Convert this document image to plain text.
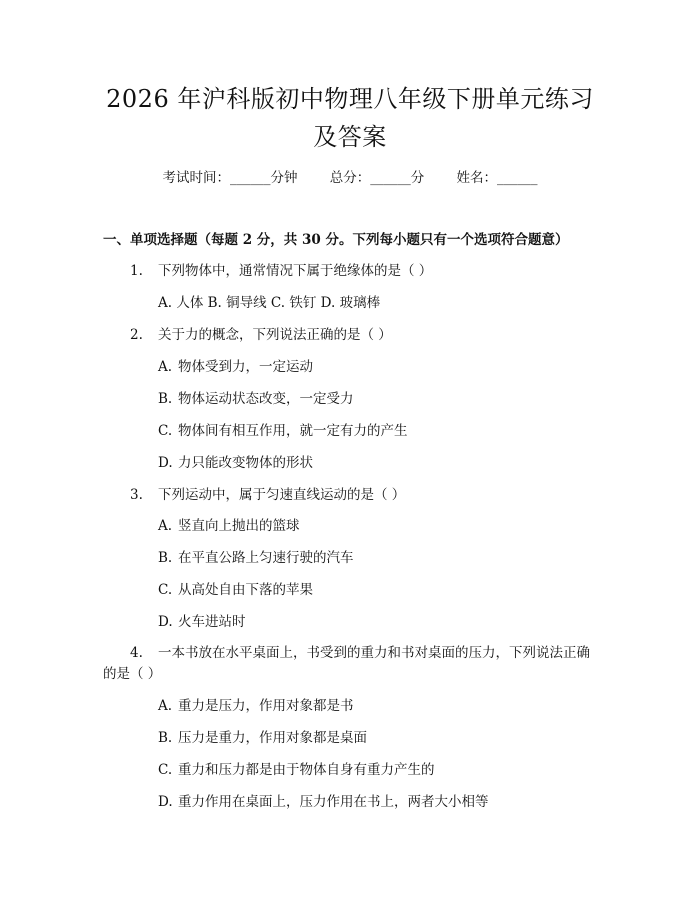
2026 年沪科版初中物理八年级下册单元练习
及答案
考试时间：______分钟 总分：______分 姓名：______
一、单项选择题（每题 2 分，共 30 分。下列每小题只有一个选项符合题意）
1. 下列物体中，通常情况下属于绝缘体的是（ ）
A. 人体 B. 铜导线 C. 铁钉 D. 玻璃棒
2. 关于力的概念，下列说法正确的是（ ）
A. 物体受到力，一定运动
B. 物体运动状态改变，一定受力
C. 物体间有相互作用，就一定有力的产生
D. 力只能改变物体的形状
3. 下列运动中，属于匀速直线运动的是（ ）
A. 竖直向上抛出的篮球
B. 在平直公路上匀速行驶的汽车
C. 从高处自由下落的苹果
D. 火车进站时
4. 一本书放在水平桌面上，书受到的重力和书对桌面的压力，下列说法正确
的是（ ）
A. 重力是压力，作用对象都是书
B. 压力是重力，作用对象都是桌面
C. 重力和压力都是由于物体自身有重力产生的
D. 重力作用在桌面上，压力作用在书上，两者大小相等
